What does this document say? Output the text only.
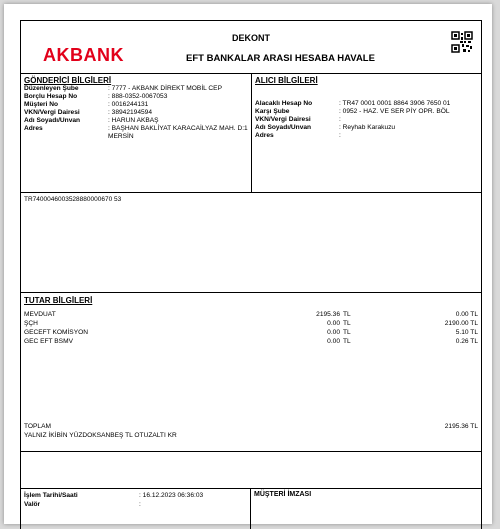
AKBANK
DEKONT
EFT BANKALAR ARASI HESABA HAVALE
GÖNDERİCİ BİLGİLERİ
Düzenleyen Şube	: 7777 - AKBANK DİREKT MOBİL CEP
Borçlu Hesap No	: 888-0352-0067053
Müşteri No	: 0016244131
VKN/Vergi Dairesi	: 38942194594
Adı Soyadı/Unvan	: HARUN AKBAŞ
Adres	: BAŞHAN BAKLİYAT KARACAİLYAZ MAH. D:1 MERSİN
ALICI BİLGİLERİ
Alacaklı Hesap No	: TR47 0001 0001 8864 3906 7650 01
Karşı Şube	: 0952 - HAZ. VE SER PİY OPR. BÖL
VKN/Vergi Dairesi	:
Adı Soyadı/Unvan	: Reyhab Karakuzu
Adres	:
TR7400046003528880000670 53
TUTAR BİLGİLERİ
MEVDUAT	2195.36 TL	0.00 TL
ŞÇH	0.00 TL	2190.00 TL
GECEFT KOMİSYON	0.00 TL	5.10 TL
GEC EFT BSMV	0.00 TL	0.26 TL
TOPLAM	2195.36 TL
YALNIZ İKİBİN YÜZDOKSANBEŞ TL OTUZALTI KR
İşlem Tarihi/Saati	: 16.12.2023 06:36:03
Valör	:
MÜŞTERİ İMZASI
